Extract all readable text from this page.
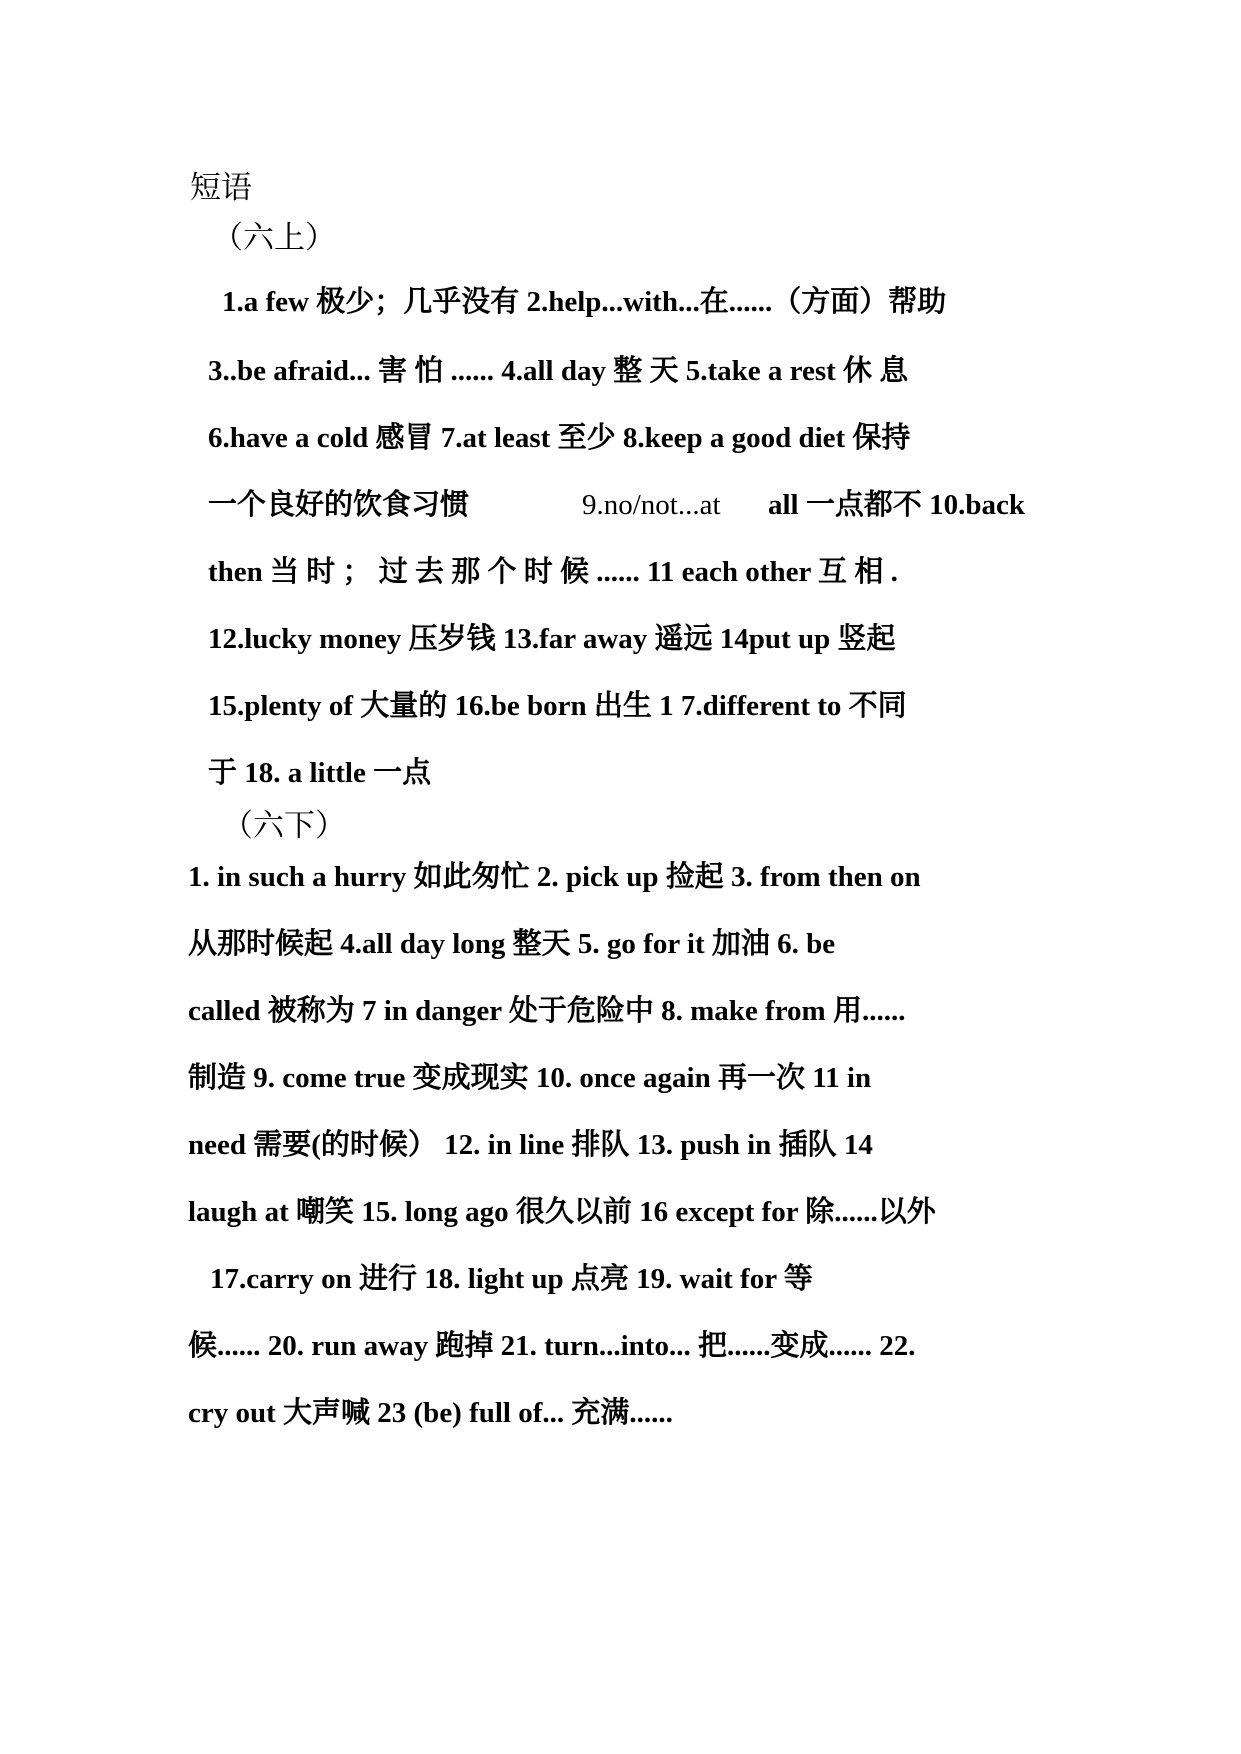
短语
（六上）
1.a few 极少；几乎没有 2.help...with...在......（方面）帮助
3..be afraid... 害 怕 ...... 4.all day 整 天 5.take a rest 休 息
6.have a cold 感冒 7.at least 至少 8.keep a good diet 保持
一个良好的饮食习惯	9.no/not...at all 一点都不 10.back
then 当 时 ； 过 去 那 个 时 候 ...... 11 each other 互 相 .
12.lucky money 压岁钱 13.far away 遥远 14put up 竖起
15.plenty of 大量的 16.be born 出生 1 7.different to 不同
于 18. a little 一点
（六下）
1. in such a hurry 如此匆忙 2. pick up 捡起 3. from then on
从那时候起 4.all day long 整天 5. go for it 加油 6. be
called 被称为 7 in danger 处于危险中 8. make from 用......
制造 9. come true 变成现实 10. once again 再一次 11 in
need 需要(的时候） 12. in line 排队 13. push in 插队 14
laugh at 嘲笑 15. long ago 很久以前 16 except for 除......以外
17.carry on 进行 18. light up 点亮 19. wait for 等
候...... 20. run away 跑掉 21. turn...into... 把......变成...... 22.
cry out 大声喊 23 (be) full of... 充满......
